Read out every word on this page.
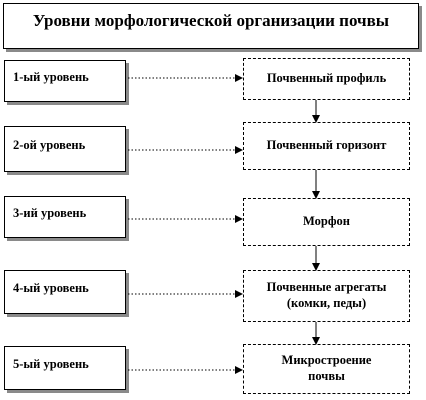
Уровни морфологической организации почвы
1-ый уровень
2-ой уровень
3-ий уровень
4-ый уровень
5-ый уровень
Почвенный профиль
Почвенный горизонт
Морфон
Почвенные агрегаты (комки, педы)
Микростроение почвы
